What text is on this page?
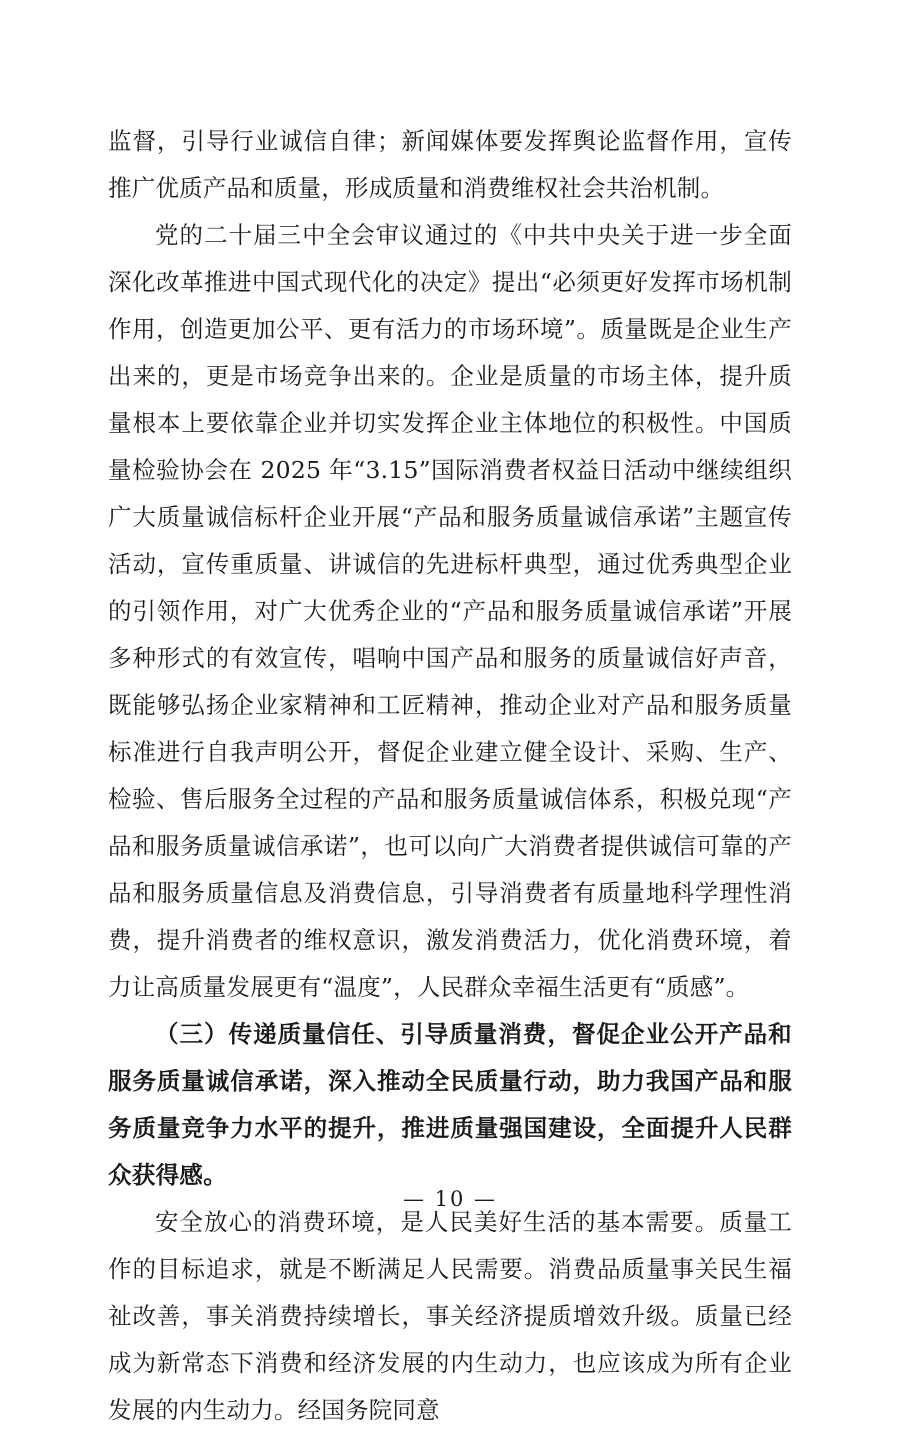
监督，引导行业诚信自律；新闻媒体要发挥舆论监督作用，宣传推广优质产品和质量，形成质量和消费维权社会共治机制。

党的二十届三中全会审议通过的《中共中央关于进一步全面深化改革推进中国式现代化的决定》提出“必须更好发挥市场机制作用，创造更加公平、更有活力的市场环境”。质量既是企业生产出来的，更是市场竞争出来的。企业是质量的市场主体，提升质量根本上要依靠企业并切实发挥企业主体地位的积极性。中国质量检验协会在 2025 年“3.15”国际消费者权益日活动中继续组织广大质量诚信标杆企业开展“产品和服务质量诚信承诺”主题宣传活动，宣传重质量、讲诚信的先进标杆典型，通过优秀典型企业的引领作用，对广大优秀企业的“产品和服务质量诚信承诺”开展多种形式的有效宣传，唱响中国产品和服务的质量诚信好声音，既能够弘扬企业家精神和工匠精神，推动企业对产品和服务质量标准进行自我声明公开，督促企业建立健全设计、采购、生产、检验、售后服务全过程的产品和服务质量诚信体系，积极兑现“产品和服务质量诚信承诺”，也可以向广大消费者提供诚信可靠的产品和服务质量信息及消费信息，引导消费者有质量地科学理性消费，提升消费者的维权意识，激发消费活力，优化消费环境，着力让高质量发展更有“温度”，人民群众幸福生活更有“质感”。

（三）传递质量信任、引导质量消费，督促企业公开产品和服务质量诚信承诺，深入推动全民质量行动，助力我国产品和服务质量竞争力水平的提升，推进质量强国建设，全面提升人民群众获得感。

安全放心的消费环境，是人民美好生活的基本需要。质量工作的目标追求，就是不断满足人民需要。消费品质量事关民生福祉改善，事关消费持续增长，事关经济提质增效升级。质量已经成为新常态下消费和经济发展的内生动力，也应该成为所有企业发展的内生动力。经国务院同意

— 10 —
